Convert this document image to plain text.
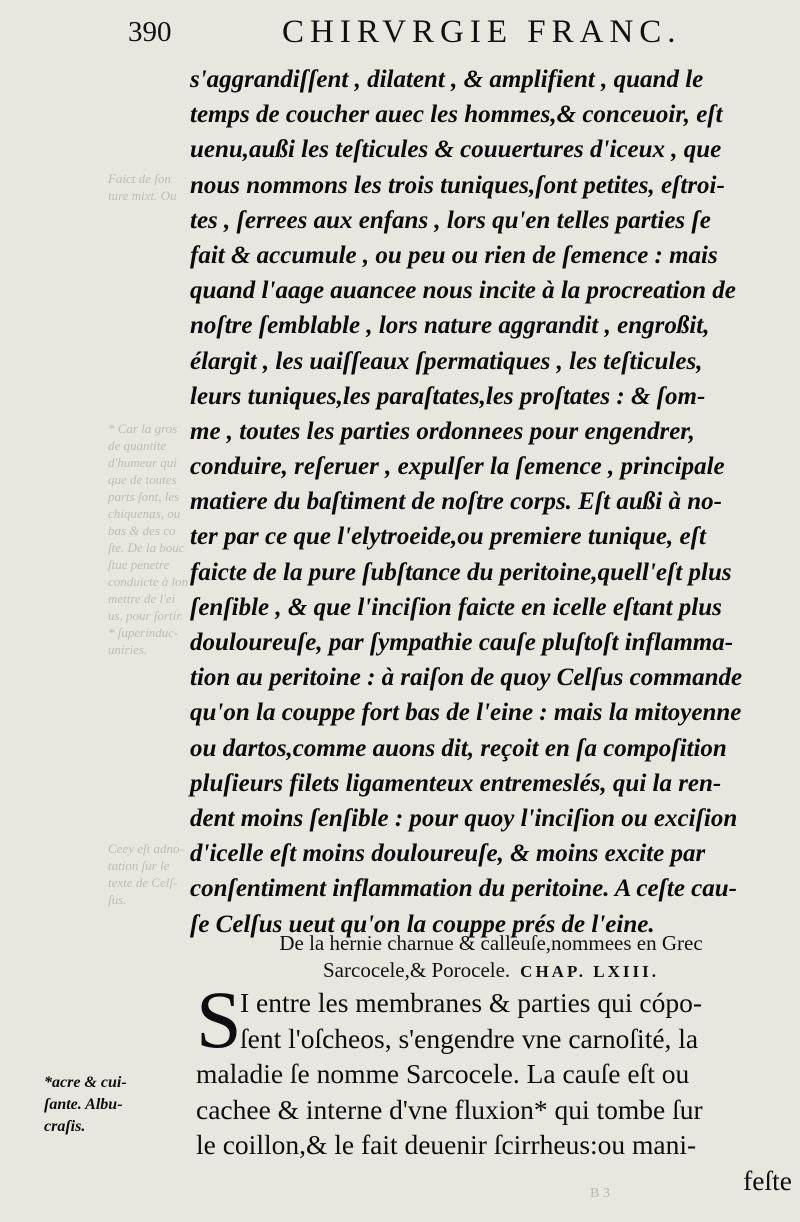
390	CHIRVRGIE FRANC.
Faict de ſon
ture mixt. Ou
* Car la gros
de quantite
d'humeur qui
que de toutes
parts ſont, les
chiquenas, ou
bas & des co
ſte. De la bouc
ſtue penetre
conduicte à lon
mettre de l'ei
us, pour ſortir.
* ſuperinduc-
uniries.
Ceey eſt adno-
tation ſur le
texte de Celſ-
ſus.
s'aggrandiſſent , dilatent , & amplifient , quand le
temps de coucher auec les hommes,& conceuoir, eſt
uenu,außi les teſticules & couuertures d'iceux , que
nous nommons les trois tuniques,ſont petites, eſtroi-
tes , ſerrees aux enfans , lors qu'en telles parties ſe
fait & accumule , ou peu ou rien de ſemence : mais
quand l'aage auancee nous incite à la procreation de
noſtre ſemblable , lors nature aggrandit , engroßit,
élargit , les uaiſſeaux ſpermatiques , les teſticules,
leurs tuniques,les paraſtates,les proſtates : & ſom-
me , toutes les parties ordonnees pour engendrer,
conduire, reſeruer , expulſer la ſemence , principale
matiere du baſtiment de noſtre corps. Eſt außi à no-
ter par ce que l'elytroeide,ou premiere tunique, eſt
faicte de la pure ſubſtance du peritoine,quell'eſt plus
ſenſible , & que l'inciſion faicte en icelle eſtant plus
douloureuſe, par ſympathie cauſe pluſtoſt inflamma-
tion au peritoine : à raiſon de quoy Celſus commande
qu'on la couppe fort bas de l'eine : mais la mitoyenne
ou dartos,comme auons dit, reçoit en ſa compoſition
pluſieurs filets ligamenteux entremeslés, qui la ren-
dent moins ſenſible : pour quoy l'inciſion ou exciſion
d'icelle eſt moins douloureuſe, & moins excite par
conſentiment inflammation du peritoine. A ceſte cau-
ſe Celſus ueut qu'on la couppe prés de l'eine.
De la hernie charnue & calleuſe,nommees en Grec
Sarcocele,& Porocele. CHAP. LXIII.
S
I entre les membranes & parties qui cópo-
ſent l'oſcheos, s'engendre vne carnoſité, la
maladie ſe nomme Sarcocele. La cauſe eſt ou
cachee & interne d'vne fluxion* qui tombe ſur
le coillon,& le fait deuenir ſcirrheus:ou mani-
feſte
*acre & cui-
ſante. Albu-
craſis.
B 3
